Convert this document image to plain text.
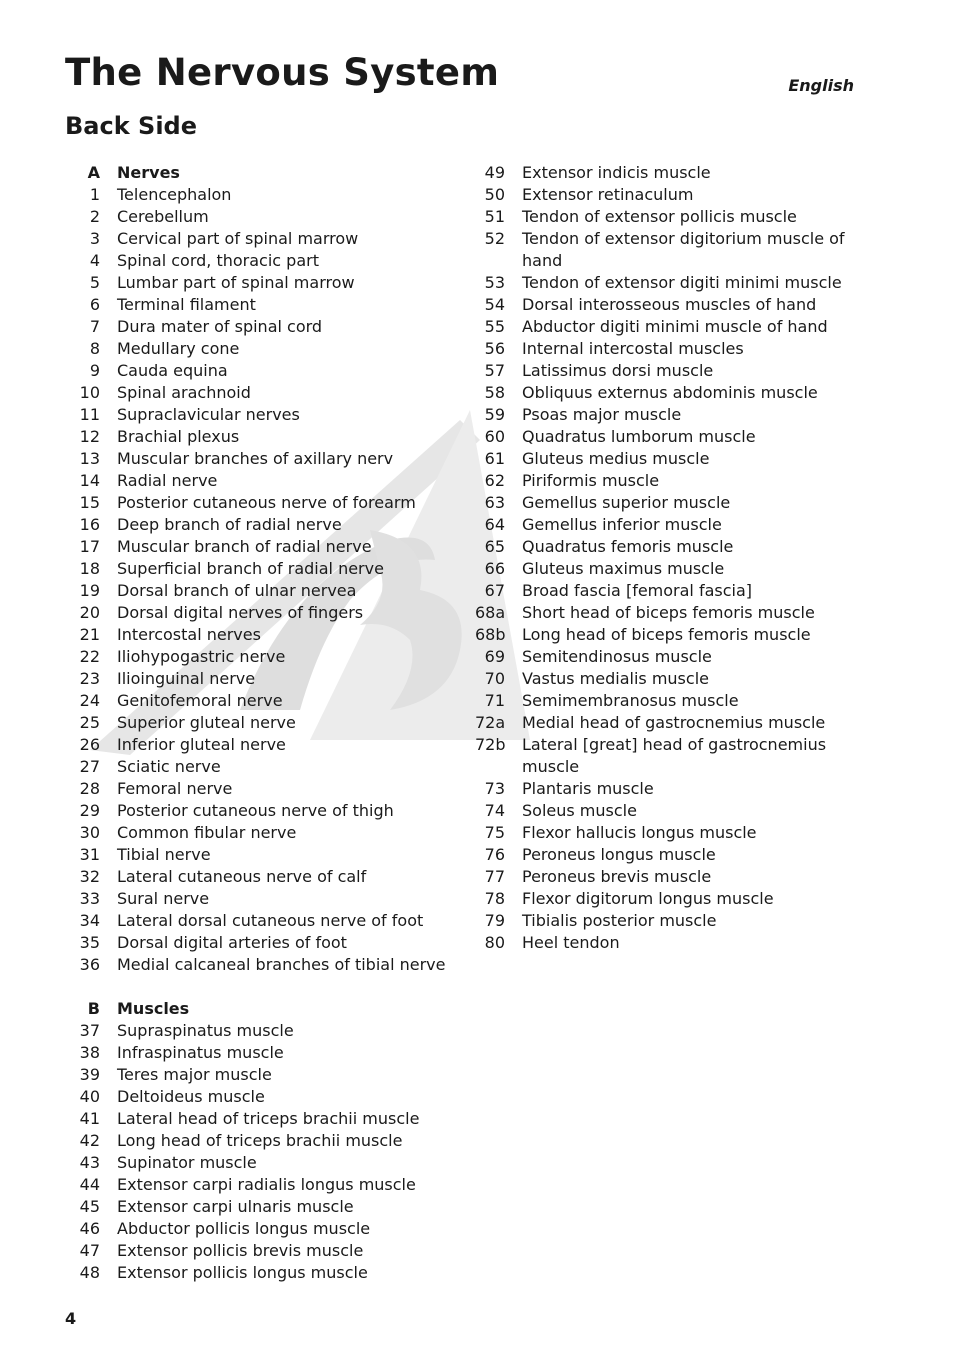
The Nervous System	English
Back Side
A Nerves
1 Telencephalon
2 Cerebellum
3 Cervical part of spinal marrow
4 Spinal cord, thoracic part
5 Lumbar part of spinal marrow
6 Terminal filament
7 Dura mater of spinal cord
8 Medullary cone
9 Cauda equina
10 Spinal arachnoid
11 Supraclavicular nerves
12 Brachial plexus
13 Muscular branches of axillary nerv
14 Radial nerve
15 Posterior cutaneous nerve of forearm
16 Deep branch of radial nerve
17 Muscular branch of radial nerve
18 Superficial branch of radial nerve
19 Dorsal branch of ulnar nervea
20 Dorsal digital nerves of fingers
21 Intercostal nerves
22 Iliohypogastric nerve
23 Ilioinguinal nerve
24 Genitofemoral nerve
25 Superior gluteal nerve
26 Inferior gluteal nerve
27 Sciatic nerve
28 Femoral nerve
29 Posterior cutaneous nerve of thigh
30 Common fibular nerve
31 Tibial nerve
32 Lateral cutaneous nerve of calf
33 Sural nerve
34 Lateral dorsal cutaneous nerve of foot
35 Dorsal digital arteries of foot
36 Medial calcaneal branches of tibial nerve
B Muscles
37 Supraspinatus muscle
38 Infraspinatus muscle
39 Teres major muscle
40 Deltoideus muscle
41 Lateral head of triceps brachii muscle
42 Long head of triceps brachii muscle
43 Supinator muscle
44 Extensor carpi radialis longus muscle
45 Extensor carpi ulnaris muscle
46 Abductor pollicis longus muscle
47 Extensor pollicis brevis muscle
48 Extensor pollicis longus muscle
49 Extensor indicis muscle
50 Extensor retinaculum
51 Tendon of extensor pollicis muscle
52 Tendon of extensor digitorium muscle of hand
53 Tendon of extensor digiti minimi muscle
54 Dorsal interosseous muscles of hand
55 Abductor digiti minimi muscle of hand
56 Internal intercostal muscles
57 Latissimus dorsi muscle
58 Obliquus externus abdominis muscle
59 Psoas major muscle
60 Quadratus lumborum muscle
61 Gluteus medius muscle
62 Piriformis muscle
63 Gemellus superior muscle
64 Gemellus inferior muscle
65 Quadratus femoris muscle
66 Gluteus maximus muscle
67 Broad fascia [femoral fascia]
68a Short head of biceps femoris muscle
68b Long head of biceps femoris muscle
69 Semitendinosus muscle
70 Vastus medialis muscle
71 Semimembranosus muscle
72a Medial head of gastrocnemius muscle
72b Lateral [great] head of gastrocnemius muscle
73 Plantaris muscle
74 Soleus muscle
75 Flexor hallucis longus muscle
76 Peroneus longus muscle
77 Peroneus brevis muscle
78 Flexor digitorum longus muscle
79 Tibialis posterior muscle
80 Heel tendon
4
